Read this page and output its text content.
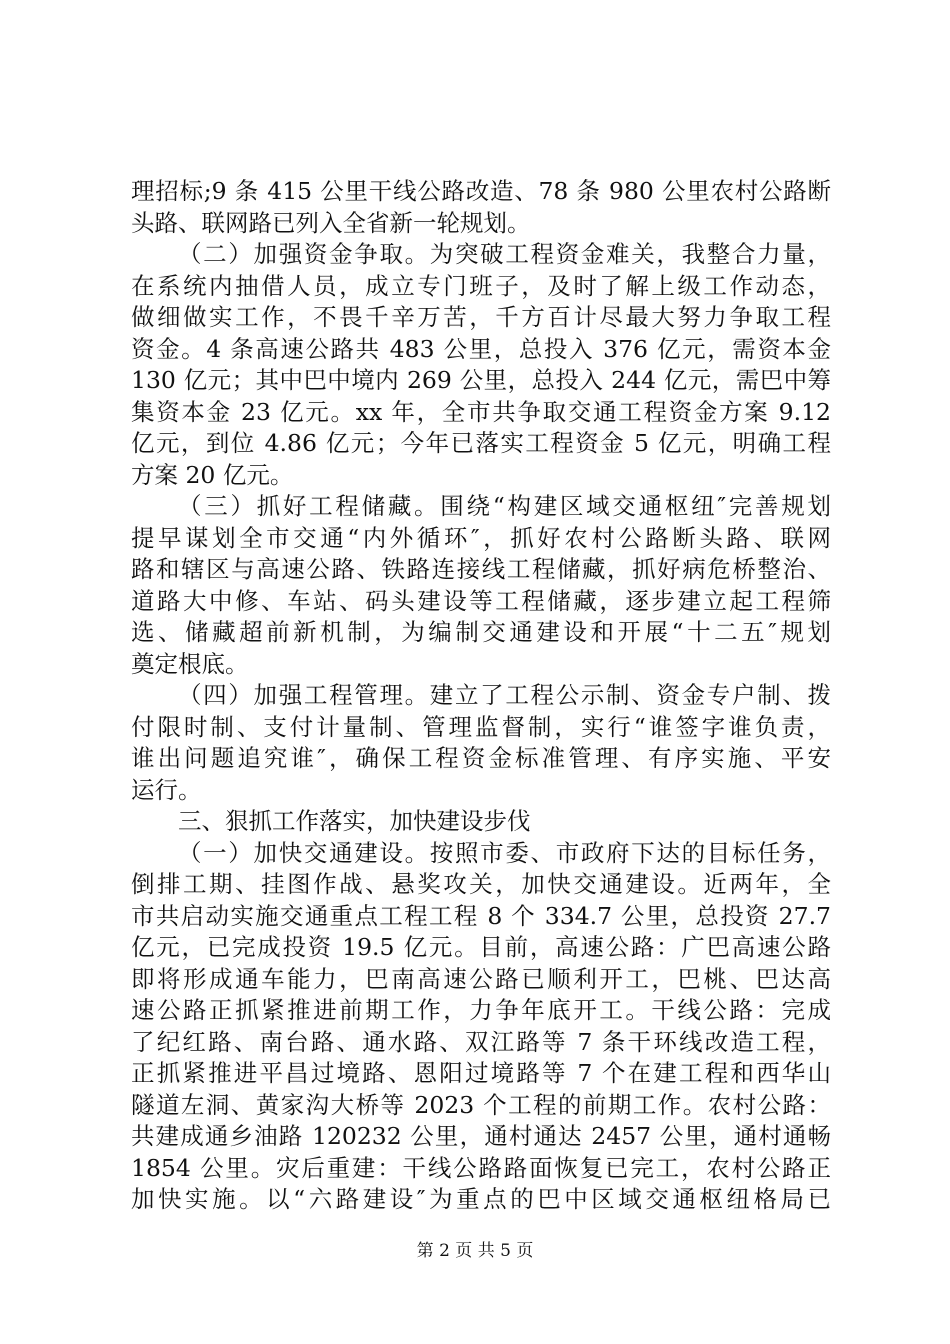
理招标;9 条 415 公里干线公路改造、78 条 980 公里农村公路断
头路、联网路已列入全省新一轮规划。
（二）加强资金争取。为突破工程资金难关，我整合力量，
在系统内抽借人员，成立专门班子，及时了解上级工作动态，
做细做实工作，不畏千辛万苦，千方百计尽最大努力争取工程
资金。4 条高速公路共 483 公里，总投入 376 亿元，需资本金
130 亿元；其中巴中境内 269 公里，总投入 244 亿元，需巴中筹
集资本金 23 亿元。xx 年，全市共争取交通工程资金方案 9.12
亿元，到位 4.86 亿元；今年已落实工程资金 5 亿元，明确工程
方案 20 亿元。
（三）抓好工程储藏。围绕“构建区域交通枢纽″完善规划
提早谋划全市交通“内外循环″，抓好农村公路断头路、联网
路和辖区与高速公路、铁路连接线工程储藏，抓好病危桥整治、
道路大中修、车站、码头建设等工程储藏，逐步建立起工程筛
选、储藏超前新机制，为编制交通建设和开展“十二五″规划
奠定根底。
（四）加强工程管理。建立了工程公示制、资金专户制、拨
付限时制、支付计量制、管理监督制，实行“谁签字谁负责，
谁出问题追究谁″，确保工程资金标准管理、有序实施、平安
运行。
三、狠抓工作落实，加快建设步伐
（一）加快交通建设。按照市委、市政府下达的目标任务，
倒排工期、挂图作战、悬奖攻关，加快交通建设。近两年，全
市共启动实施交通重点工程工程 8 个 334.7 公里，总投资 27.7
亿元，已完成投资 19.5 亿元。目前，高速公路：广巴高速公路
即将形成通车能力，巴南高速公路已顺利开工，巴桃、巴达高
速公路正抓紧推进前期工作，力争年底开工。干线公路：完成
了纪红路、南台路、通水路、双江路等 7 条干环线改造工程，
正抓紧推进平昌过境路、恩阳过境路等 7 个在建工程和西华山
隧道左洞、黄家沟大桥等 2023 个工程的前期工作。农村公路：
共建成通乡油路 120232 公里，通村通达 2457 公里，通村通畅
1854 公里。灾后重建：干线公路路面恢复已完工，农村公路正
加快实施。以“六路建设″为重点的巴中区域交通枢纽格局已
第 2 页 共 5 页
